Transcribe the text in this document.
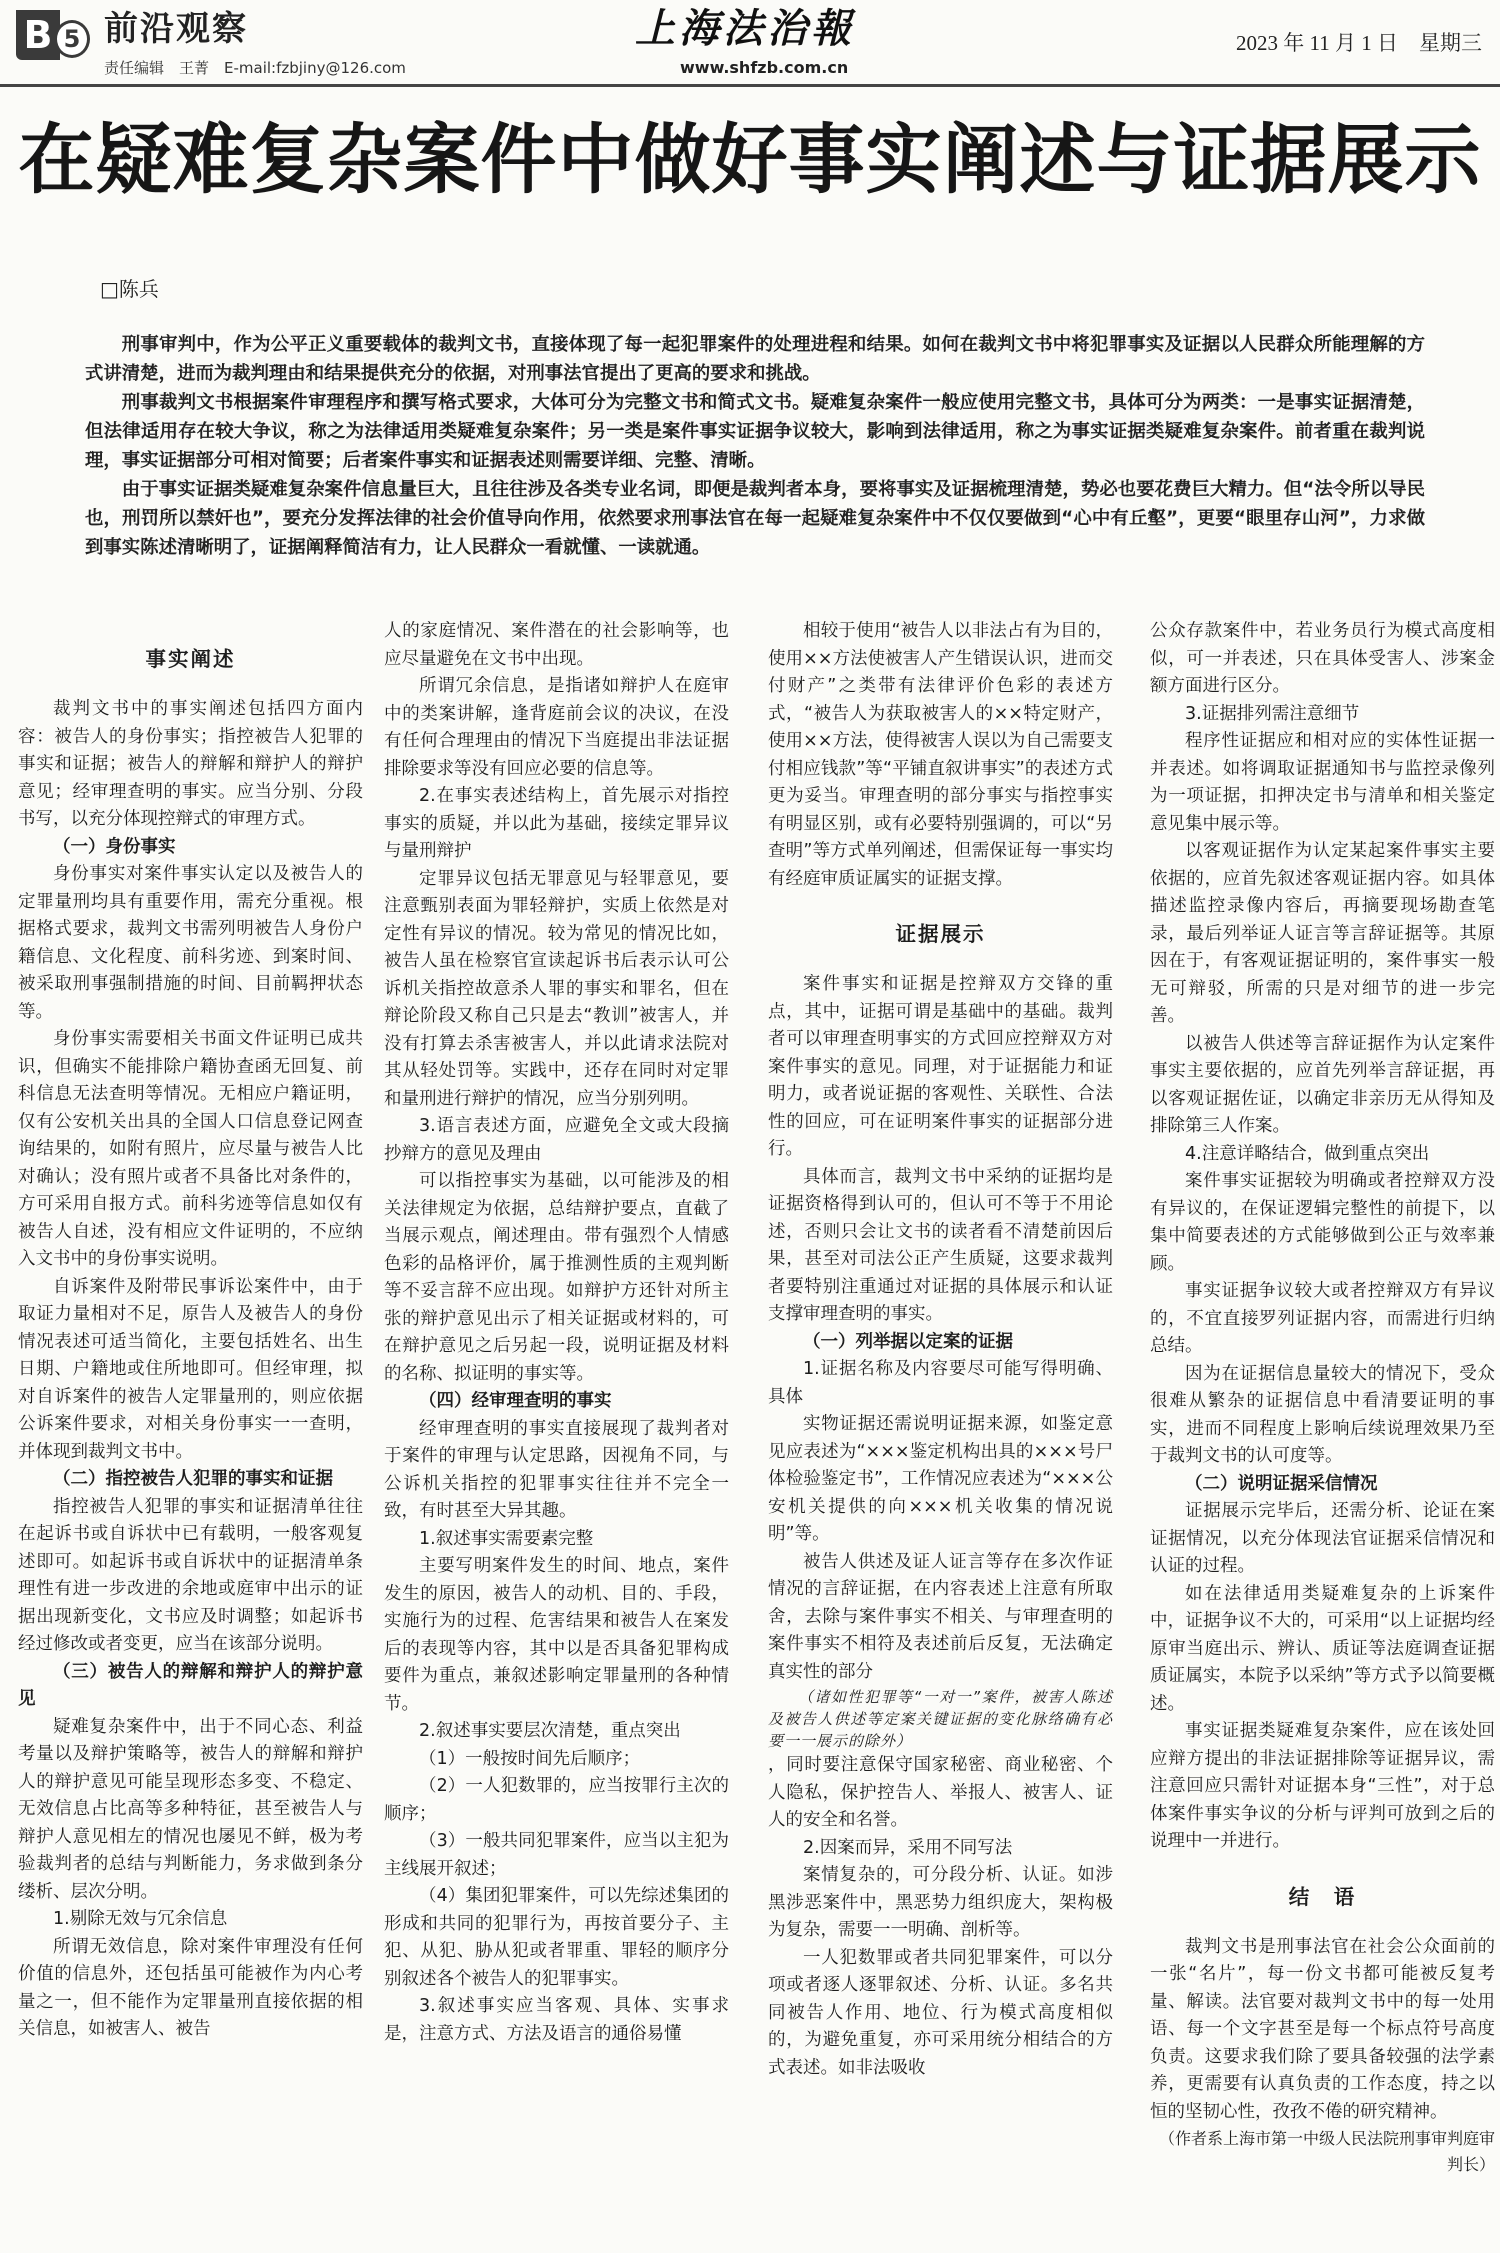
B 5 前沿观察
责任编辑　王菁　E-mail:fzbjiny@126.com
上海法治報
www.shfzb.com.cn
2023 年 11 月 1 日　星期三
在疑难复杂案件中做好事实阐述与证据展示
□陈兵

刑事审判中，作为公平正义重要载体的裁判文书，直接体现了每一起犯罪案件的处理进程和结果。如何在裁判文书中将犯罪事实及证据以人民群众所能理解的方式讲清楚，进而为裁判理由和结果提供充分的依据，对刑事法官提出了更高的要求和挑战。

刑事裁判文书根据案件审理程序和撰写格式要求，大体可分为完整文书和简式文书。疑难复杂案件一般应使用完整文书，具体可分为两类：一是事实证据清楚，但法律适用存在较大争议，称之为法律适用类疑难复杂案件；另一类是案件事实证据争议较大，影响到法律适用，称之为事实证据类疑难复杂案件。前者重在裁判说理，事实证据部分可相对简要；后者案件事实和证据表述则需要详细、完整、清晰。

由于事实证据类疑难复杂案件信息量巨大，且往往涉及各类专业名词，即便是裁判者本身，要将事实及证据梳理清楚，势必也要花费巨大精力。但“法令所以导民也，刑罚所以禁奸也”，要充分发挥法律的社会价值导向作用，依然要求刑事法官在每一起疑难复杂案件中不仅仅要做到“心中有丘壑”，更要“眼里存山河”，力求做到事实陈述清晰明了，证据阐释简洁有力，让人民群众一看就懂、一读就通。

事实阐述

裁判文书中的事实阐述包括四方面内容：被告人的身份事实；指控被告人犯罪的事实和证据；被告人的辩解和辩护人的辩护意见；经审理查明的事实。应当分别、分段书写，以充分体现控辩式的审理方式。

（一）身份事实

身份事实对案件事实认定以及被告人的定罪量刑均具有重要作用，需充分重视。根据格式要求，裁判文书需列明被告人身份户籍信息、文化程度、前科劣迹、到案时间、被采取刑事强制措施的时间、目前羁押状态等。

身份事实需要相关书面文件证明已成共识，但确实不能排除户籍协查函无回复、前科信息无法查明等情况。无相应户籍证明，仅有公安机关出具的全国人口信息登记网查询结果的，如附有照片，应尽量与被告人比对确认；没有照片或者不具备比对条件的，方可采用自报方式。前科劣迹等信息如仅有被告人自述，没有相应文件证明的，不应纳入文书中的身份事实说明。

自诉案件及附带民事诉讼案件中，由于取证力量相对不足，原告人及被告人的身份情况表述可适当简化，主要包括姓名、出生日期、户籍地或住所地即可。但经审理，拟对自诉案件的被告人定罪量刑的，则应依据公诉案件要求，对相关身份事实一一查明，并体现到裁判文书中。

（二）指控被告人犯罪的事实和证据

指控被告人犯罪的事实和证据清单往往在起诉书或自诉状中已有载明，一般客观复述即可。如起诉书或自诉状中的证据清单条理性有进一步改进的余地或庭审中出示的证据出现新变化，文书应及时调整；如起诉书经过修改或者变更，应当在该部分说明。

（三）被告人的辩解和辩护人的辩护意见

疑难复杂案件中，出于不同心态、利益考量以及辩护策略等，被告人的辩解和辩护人的辩护意见可能呈现形态多变、不稳定、无效信息占比高等多种特征，甚至被告人与辩护人意见相左的情况也屡见不鲜，极为考验裁判者的总结与判断能力，务求做到条分缕析、层次分明。

1.剔除无效与冗余信息

所谓无效信息，除对案件审理没有任何价值的信息外，还包括虽可能被作为内心考量之一，但不能作为定罪量刑直接依据的相关信息，如被害人、被告

人的家庭情况、案件潜在的社会影响等，也应尽量避免在文书中出现。

所谓冗余信息，是指诸如辩护人在庭审中的类案讲解，逢背庭前会议的决议，在没有任何合理理由的情况下当庭提出非法证据排除要求等没有回应必要的信息等。

2.在事实表述结构上，首先展示对指控事实的质疑，并以此为基础，接续定罪异议与量刑辩护

定罪异议包括无罪意见与轻罪意见，要注意甄别表面为罪轻辩护，实质上依然是对定性有异议的情况。较为常见的情况比如，被告人虽在检察官宣读起诉书后表示认可公诉机关指控故意杀人罪的事实和罪名，但在辩论阶段又称自己只是去“教训”被害人，并没有打算去杀害被害人，并以此请求法院对其从轻处罚等。实践中，还存在同时对定罪和量刑进行辩护的情况，应当分别列明。

3.语言表述方面，应避免全文或大段摘抄辩方的意见及理由

可以指控事实为基础，以可能涉及的相关法律规定为依据，总结辩护要点，直截了当展示观点，阐述理由。带有强烈个人情感色彩的品格评价，属于推测性质的主观判断等不妥言辞不应出现。如辩护方还针对所主张的辩护意见出示了相关证据或材料的，可在辩护意见之后另起一段，说明证据及材料的名称、拟证明的事实等。

（四）经审理查明的事实

经审理查明的事实直接展现了裁判者对于案件的审理与认定思路，因视角不同，与公诉机关指控的犯罪事实往往并不完全一致，有时甚至大异其趣。

1.叙述事实需要素完整

主要写明案件发生的时间、地点，案件发生的原因，被告人的动机、目的、手段，实施行为的过程、危害结果和被告人在案发后的表现等内容，其中以是否具备犯罪构成要件为重点，兼叙述影响定罪量刑的各种情节。

2.叙述事实要层次清楚，重点突出

（1）一般按时间先后顺序；

（2）一人犯数罪的，应当按罪行主次的顺序；

（3）一般共同犯罪案件，应当以主犯为主线展开叙述；

（4）集团犯罪案件，可以先综述集团的形成和共同的犯罪行为，再按首要分子、主犯、从犯、胁从犯或者罪重、罪轻的顺序分别叙述各个被告人的犯罪事实。

3.叙述事实应当客观、具体、实事求是，注意方式、方法及语言的通俗易懂

相较于使用“被告人以非法占有为目的，使用××方法使被害人产生错误认识，进而交付财产”之类带有法律评价色彩的表述方式，“被告人为获取被害人的××特定财产，使用××方法，使得被害人误以为自己需要支付相应钱款”等“平铺直叙讲事实”的表述方式更为妥当。审理查明的部分事实与指控事实有明显区别，或有必要特别强调的，可以“另查明”等方式单列阐述，但需保证每一事实均有经庭审质证属实的证据支撑。

证据展示

案件事实和证据是控辩双方交锋的重点，其中，证据可谓是基础中的基础。裁判者可以审理查明事实的方式回应控辩双方对案件事实的意见。同理，对于证据能力和证明力，或者说证据的客观性、关联性、合法性的回应，可在证明案件事实的证据部分进行。

具体而言，裁判文书中采纳的证据均是证据资格得到认可的，但认可不等于不用论述，否则只会让文书的读者看不清楚前因后果，甚至对司法公正产生质疑，这要求裁判者要特别注重通过对证据的具体展示和认证支撑审理查明的事实。

（一）列举据以定案的证据

1.证据名称及内容要尽可能写得明确、具体

实物证据还需说明证据来源，如鉴定意见应表述为“×××鉴定机构出具的×××号尸体检验鉴定书”，工作情况应表述为“×××公安机关提供的向×××机关收集的情况说明”等。

被告人供述及证人证言等存在多次作证情况的言辞证据，在内容表述上注意有所取舍，去除与案件事实不相关、与审理查明的案件事实不相符及表述前后反复，无法确定真实性的部分

（诸如性犯罪等“一对一”案件，被害人陈述及被告人供述等定案关键证据的变化脉络确有必要一一展示的除外）

，同时要注意保守国家秘密、商业秘密、个人隐私，保护控告人、举报人、被害人、证人的安全和名誉。

2.因案而异，采用不同写法

案情复杂的，可分段分析、认证。如涉黑涉恶案件中，黑恶势力组织庞大，架构极为复杂，需要一一明确、剖析等。

一人犯数罪或者共同犯罪案件，可以分项或者逐人逐罪叙述、分析、认证。多名共同被告人作用、地位、行为模式高度相似的，为避免重复，亦可采用统分相结合的方式表述。如非法吸收

公众存款案件中，若业务员行为模式高度相似，可一并表述，只在具体受害人、涉案金额方面进行区分。

3.证据排列需注意细节

程序性证据应和相对应的实体性证据一并表述。如将调取证据通知书与监控录像列为一项证据，扣押决定书与清单和相关鉴定意见集中展示等。

以客观证据作为认定某起案件事实主要依据的，应首先叙述客观证据内容。如具体描述监控录像内容后，再摘要现场勘查笔录，最后列举证人证言等言辞证据等。其原因在于，有客观证据证明的，案件事实一般无可辩驳，所需的只是对细节的进一步完善。

以被告人供述等言辞证据作为认定案件事实主要依据的，应首先列举言辞证据，再以客观证据佐证，以确定非亲历无从得知及排除第三人作案。

4.注意详略结合，做到重点突出

案件事实证据较为明确或者控辩双方没有异议的，在保证逻辑完整性的前提下，以集中简要表述的方式能够做到公正与效率兼顾。

事实证据争议较大或者控辩双方有异议的，不宜直接罗列证据内容，而需进行归纳总结。

因为在证据信息量较大的情况下，受众很难从繁杂的证据信息中看清要证明的事实，进而不同程度上影响后续说理效果乃至于裁判文书的认可度等。

（二）说明证据采信情况

证据展示完毕后，还需分析、论证在案证据情况，以充分体现法官证据采信情况和认证的过程。

如在法律适用类疑难复杂的上诉案件中，证据争议不大的，可采用“以上证据均经原审当庭出示、辨认、质证等法庭调查证据质证属实，本院予以采纳”等方式予以简要概述。

事实证据类疑难复杂案件，应在该处回应辩方提出的非法证据排除等证据异议，需注意回应只需针对证据本身“三性”，对于总体案件事实争议的分析与评判可放到之后的说理中一并进行。

结　语

裁判文书是刑事法官在社会公众面前的一张“名片”，每一份文书都可能被反复考量、解读。法官要对裁判文书中的每一处用语、每一个文字甚至是每一个标点符号高度负责。这要求我们除了要具备较强的法学素养，更需要有认真负责的工作态度，持之以恒的坚韧心性，孜孜不倦的研究精神。

（作者系上海市第一中级人民法院刑事审判庭审判长）
